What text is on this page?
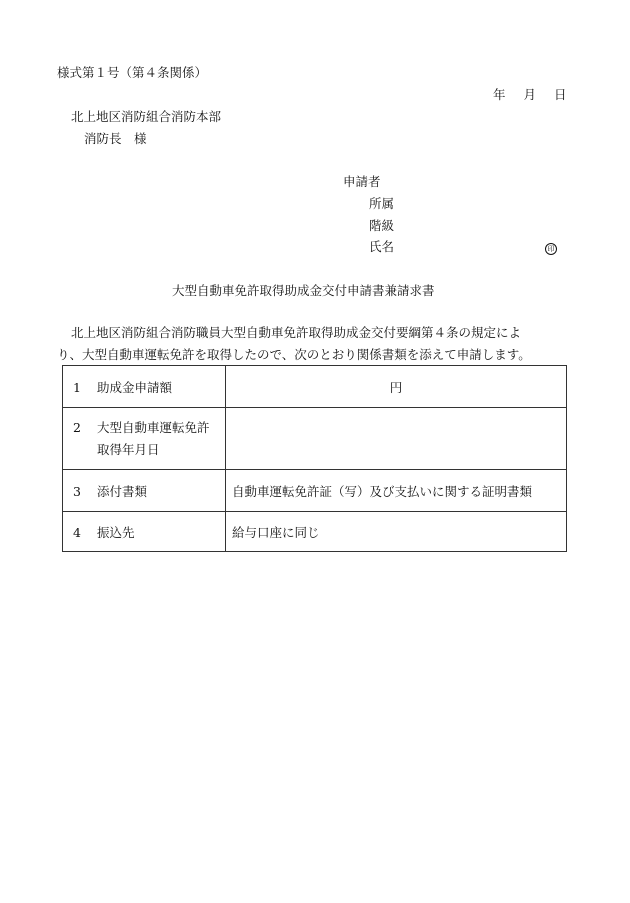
様式第１号（第４条関係）
年 月 日
北上地区消防組合消防本部
消防長　様
申請者
所属
階級
氏名	印
大型自動車免許取得助成金交付申請書兼請求書
北上地区消防組合消防職員大型自動車免許取得助成金交付要綱第４条の規定によ
り、大型自動車運転免許を取得したので、次のとおり関係書類を添えて申請します。
1 助成金申請額	円

2 大型自動車運転免許
取得年月日	

3 添付書類	自動車運転免許証（写）及び支払いに関する証明書類
4 振込先	給与口座に同じ
